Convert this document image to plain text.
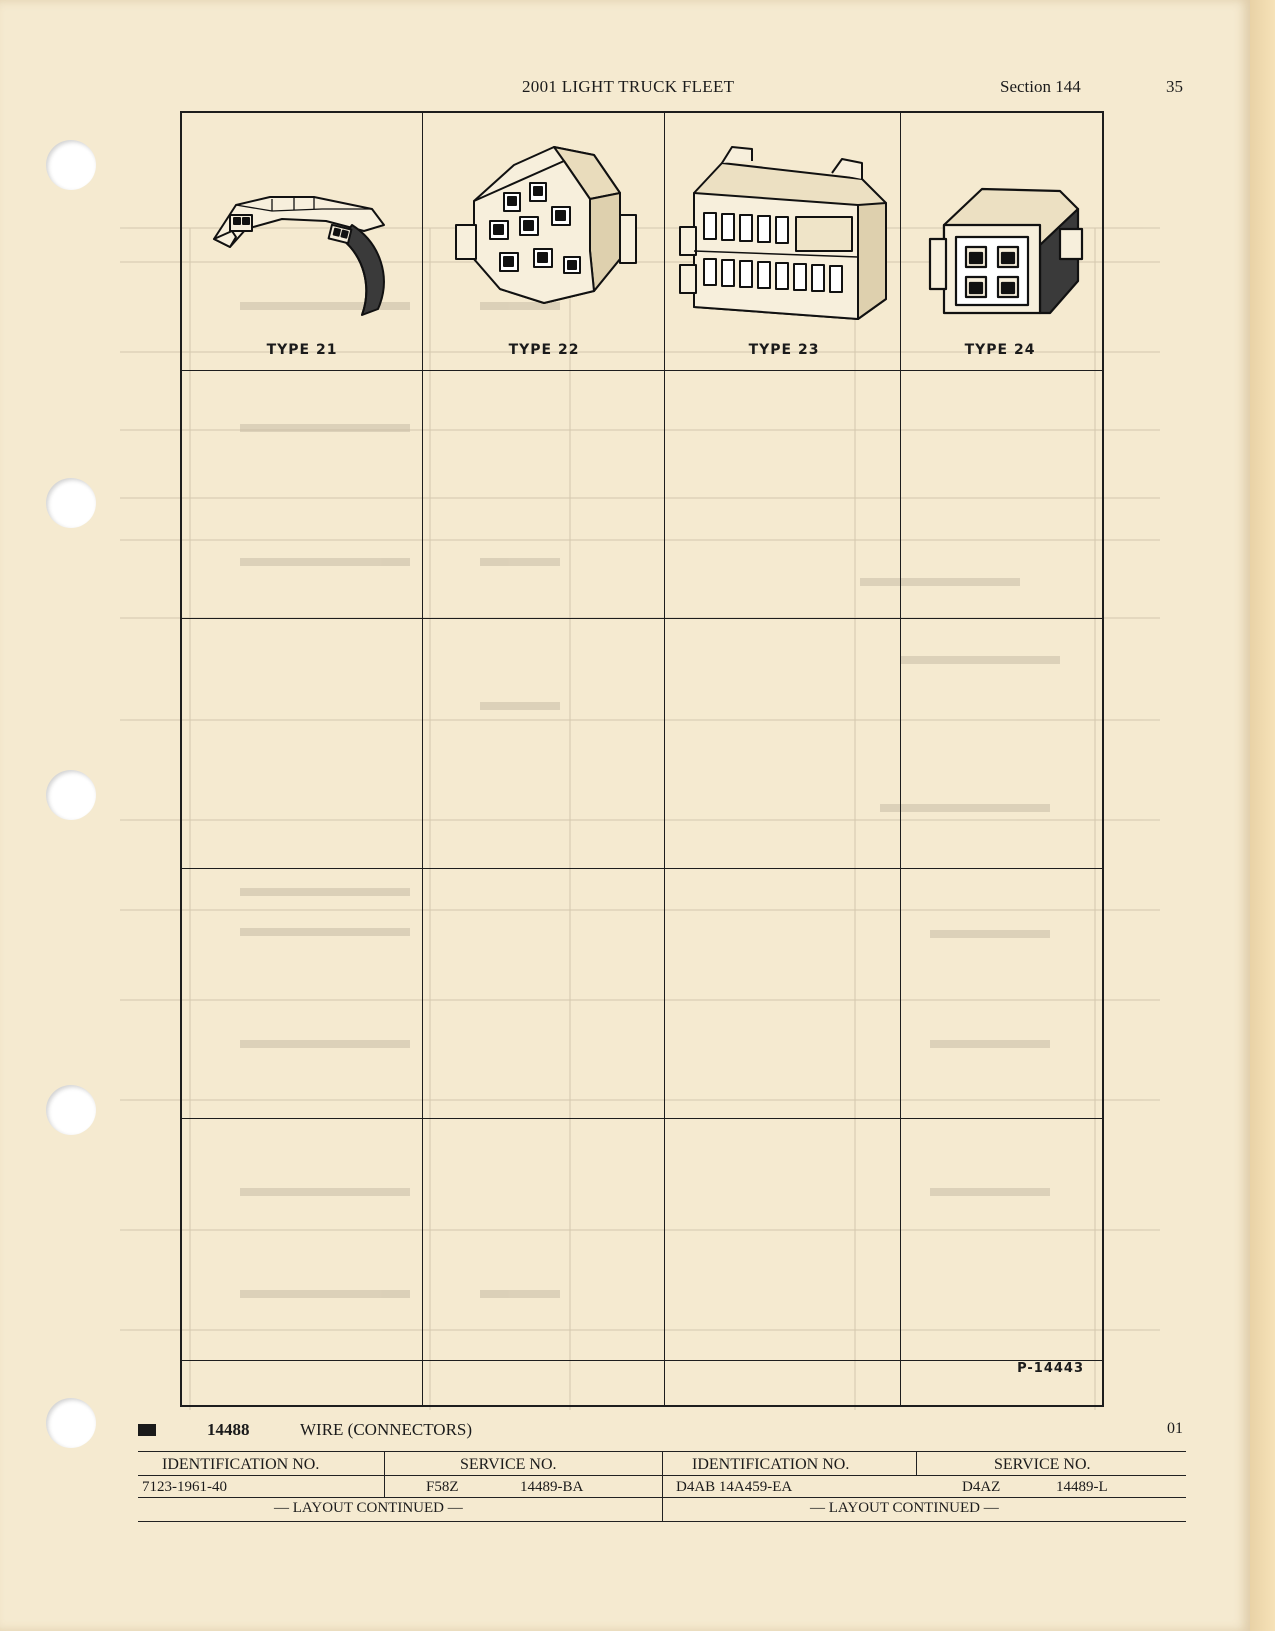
2001 LIGHT TRUCK FLEET	Section 144	35
TYPE 21	TYPE 22	TYPE 23	TYPE 24
P-14443
14488	WIRE (CONNECTORS)	01
IDENTIFICATION NO.	SERVICE NO.
7123-1961-40	F58Z	14489-BA
— LAYOUT CONTINUED —
IDENTIFICATION NO.	SERVICE NO.
D4AB 14A459-EA	D4AZ	14489-L
— LAYOUT CONTINUED —
